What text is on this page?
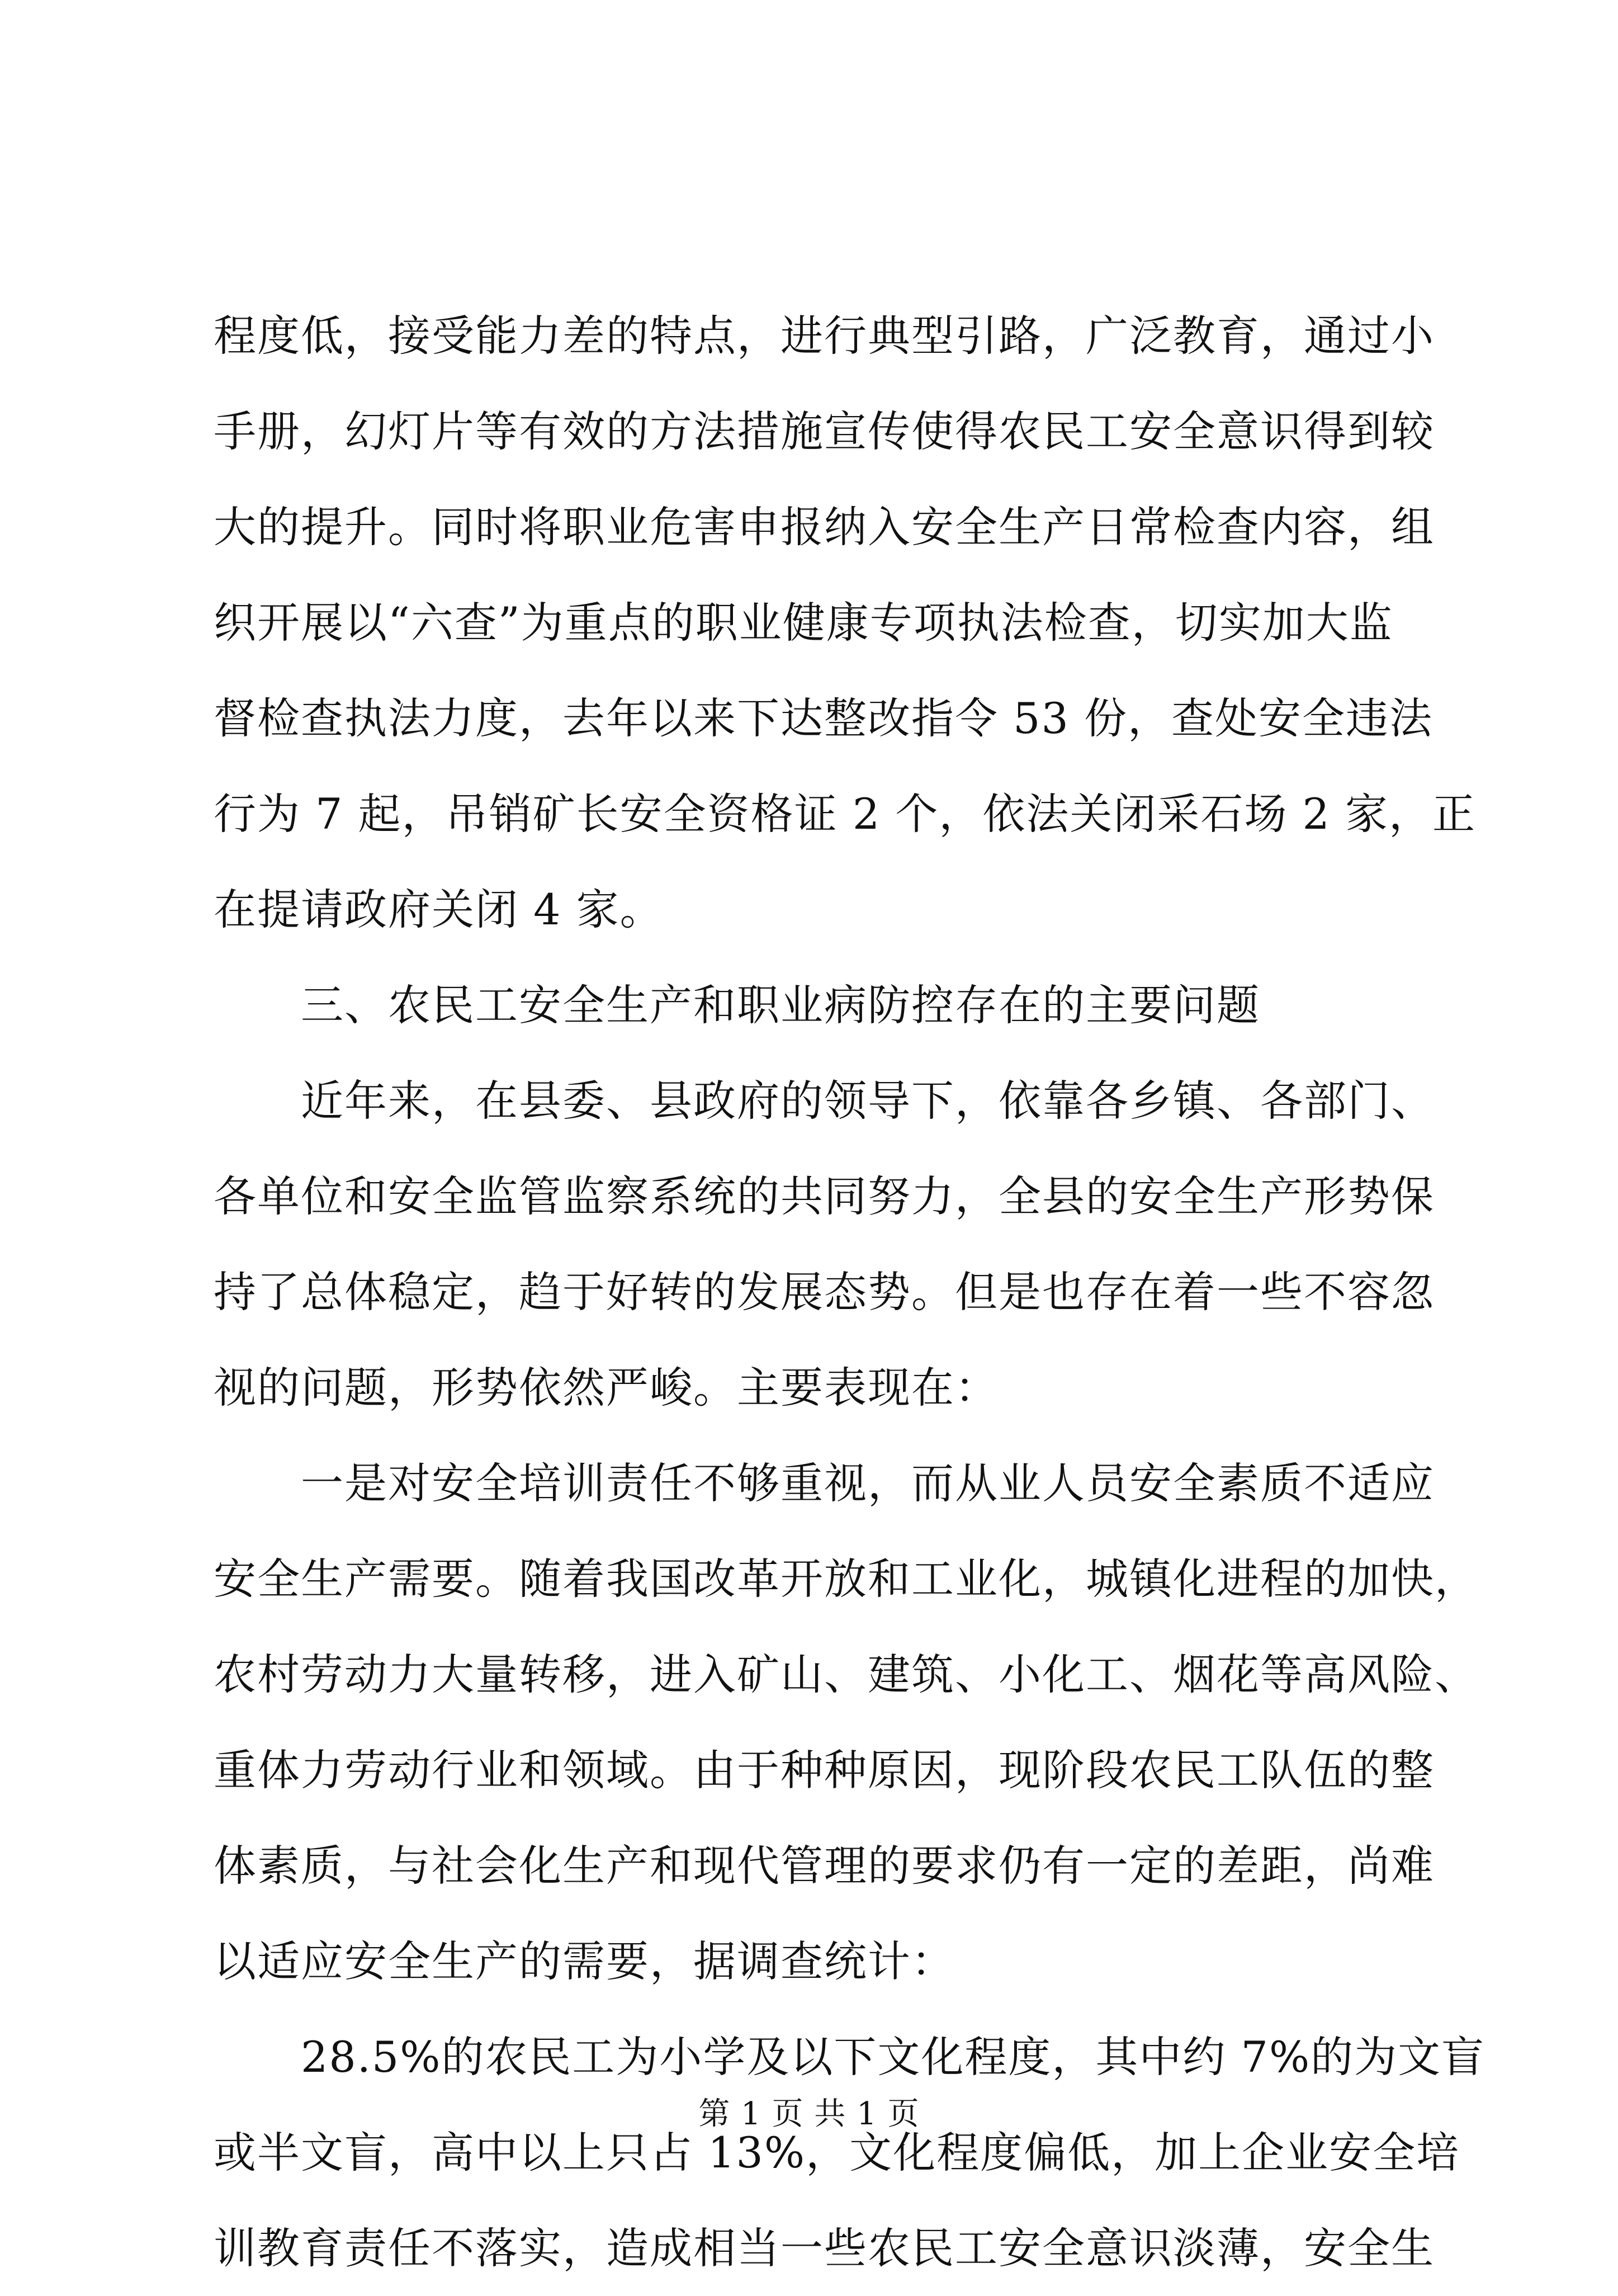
程度低，接受能力差的特点，进行典型引路，广泛教育，通过小
手册，幻灯片等有效的方法措施宣传使得农民工安全意识得到较
大的提升。同时将职业危害申报纳入安全生产日常检查内容，组
织开展以“六查”为重点的职业健康专项执法检查，切实加大监
督检查执法力度，去年以来下达整改指令 53 份，查处安全违法
行为 7 起，吊销矿长安全资格证 2 个，依法关闭采石场 2 家，正
在提请政府关闭 4 家。
　　三、农民工安全生产和职业病防控存在的主要问题
　　近年来，在县委、县政府的领导下，依靠各乡镇、各部门、
各单位和安全监管监察系统的共同努力，全县的安全生产形势保
持了总体稳定，趋于好转的发展态势。但是也存在着一些不容忽
视的问题，形势依然严峻。主要表现在：
　　一是对安全培训责任不够重视，而从业人员安全素质不适应
安全生产需要。随着我国改革开放和工业化，城镇化进程的加快，
农村劳动力大量转移，进入矿山、建筑、小化工、烟花等高风险、
重体力劳动行业和领域。由于种种原因，现阶段农民工队伍的整
体素质，与社会化生产和现代管理的要求仍有一定的差距，尚难
以适应安全生产的需要，据调查统计：
　　28.5%的农民工为小学及以下文化程度，其中约 7%的为文盲
或半文盲，高中以上只占 13%，文化程度偏低，加上企业安全培
训教育责任不落实，造成相当一些农民工安全意识淡薄，安全生
第 1 页 共 1 页
